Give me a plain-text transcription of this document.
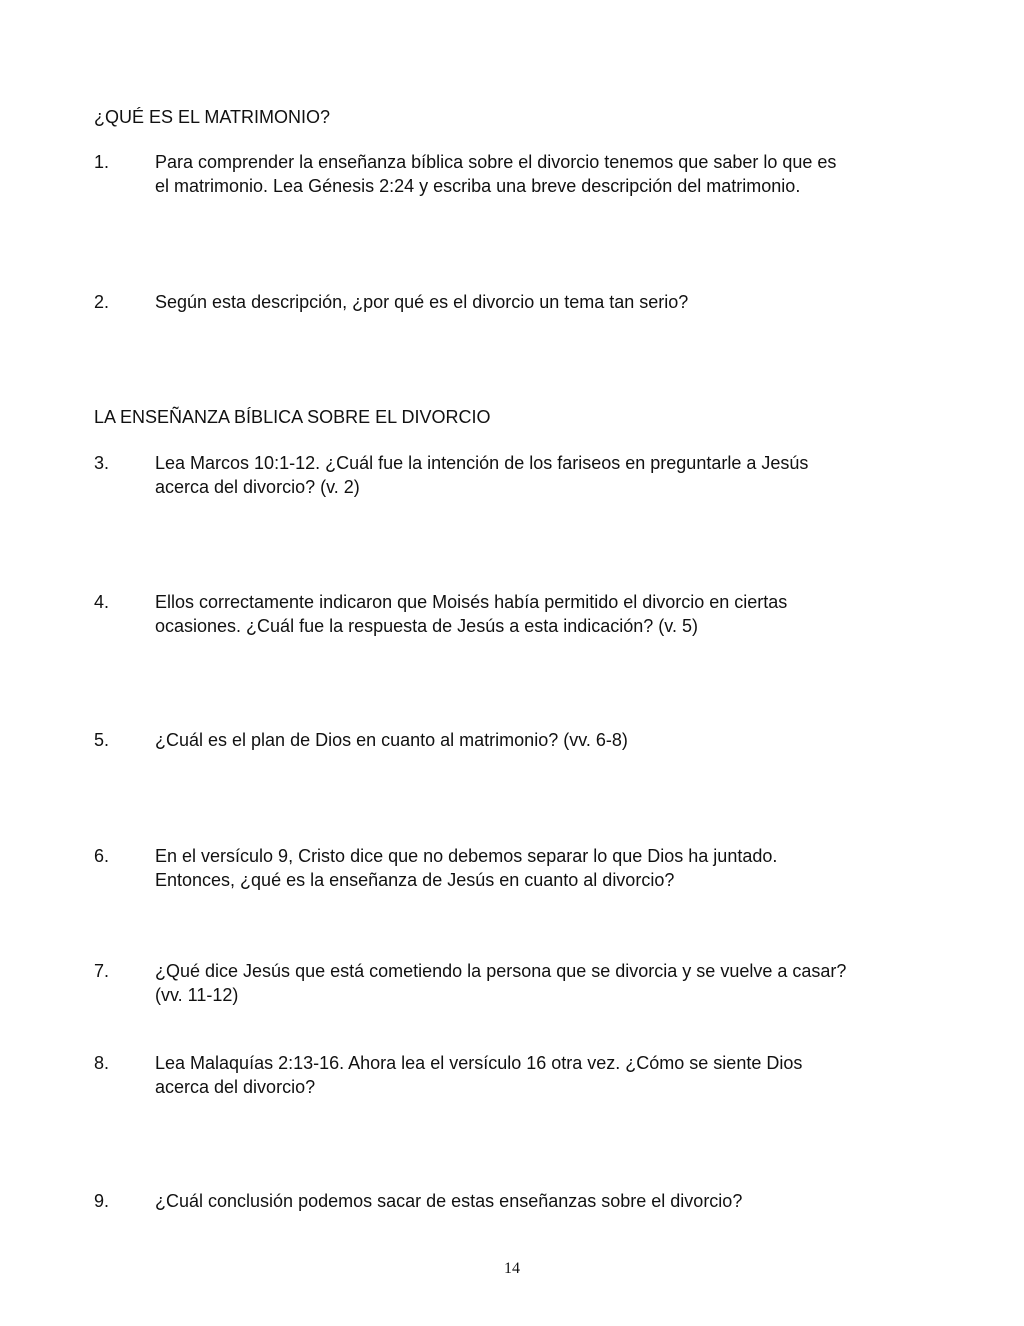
¿QUÉ ES EL MATRIMONIO?
1.	Para comprender la enseñanza bíblica sobre el divorcio tenemos que saber lo que es
el matrimonio. Lea Génesis 2:24 y escriba una breve descripción del matrimonio.
2.	Según esta descripción, ¿por qué es el divorcio un tema tan serio?
LA ENSEÑANZA BÍBLICA SOBRE EL DIVORCIO
3.	Lea Marcos 10:1-12. ¿Cuál fue la intención de los fariseos en preguntarle a Jesús
acerca del divorcio? (v. 2)
4.	Ellos correctamente indicaron que Moisés había permitido el divorcio en ciertas
ocasiones. ¿Cuál fue la respuesta de Jesús a esta indicación? (v. 5)
5.	¿Cuál es el plan de Dios en cuanto al matrimonio? (vv. 6-8)
6.	En el versículo 9, Cristo dice que no debemos separar lo que Dios ha juntado.
Entonces, ¿qué es la enseñanza de Jesús en cuanto al divorcio?
7.	¿Qué dice Jesús que está cometiendo la persona que se divorcia y se vuelve a casar?
(vv. 11-12)
8.	Lea Malaquías 2:13-16. Ahora lea el versículo 16 otra vez. ¿Cómo se siente Dios
acerca del divorcio?
9.	¿Cuál conclusión podemos sacar de estas enseñanzas sobre el divorcio?
14
